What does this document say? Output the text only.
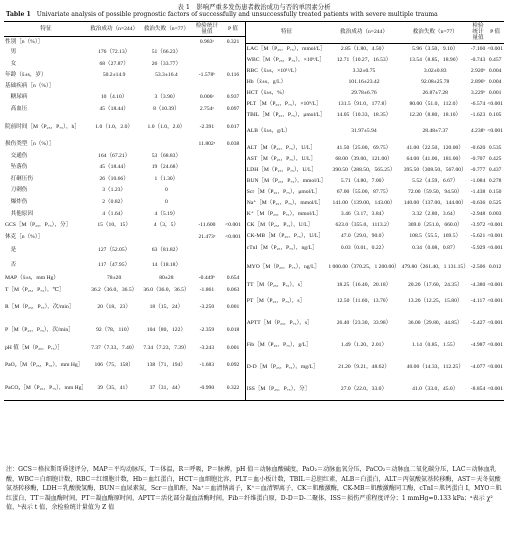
表 1　影响严重多发伤患者救治成功与否的单因素分析
Table 1 Univariate analysis of possible prognostic factors of successfully and unsuccessfully treated patients with severe multiple trauma
特征	救治成功（n=244）	救治失败（n=77）	检验统计量值	P 值
性别［n（%）］			0.983ᵃ	0.321
　男	176（72.13）	51（66.23）		
　女	68（27.87）	26（33.77）		
年龄（x̄±s，岁）	50.2±14.9	53.3±16.4	-1.578ᵇ	0.116
基础疾病［n（%）］				
　糖尿病	10（4.10）	3（3.90）	0.006ᵃ	0.937
　高血压	45（18.44）	8（10.39）	2.754ᵃ	0.097
院前时间［M（P₂₅，P₇₅），h］	1.0（1.0，2.0）	1.0（1.0，2.0）	-2.391	0.017
损伤类型［n（%）］			11.802ᵃ	0.038
　交通伤	164（67.21）	53（68.83）		
　坠落伤	45（18.44）	19（24.68）		
　打砸压伤	26（10.66）	1（1.30）		
　刀刺伤	3（1.23）	0		
　爆炸伤	2（0.82）	0		
　其他原因	4（1.64）	4（5.19）		
GCS［M（P₂₅，P₇₅），分］	15（10，15）	4（3，5）	-11.600	<0.001
休克［n（%）］			21.473ᵃ	<0.001
　是	127（52.05）	63（81.82）		
　否	117（47.95）	14（18.18）		
MAP（x̄±s，mm Hg）	78±20	80±28	-0.449ᵇ	0.654
T［M（P₂₅，P₇₅），℃］	36.2（36.0，36.5）	36.0（36.0，36.5）	-1.861	0.063
R［M（P₂₅，P₇₅），次/min］	20（18，23）	18（15，24）	-3.250	0.001
P［M（P₂₅，P₇₅），次/min］	92（78，110）	104（80，122）	-2.359	0.018
pH 值［M（P₂₅，P₇₅）］	7.37（7.33，7.40）	7.34（7.23，7.39）	-3.243	0.001
PaO₂［M（P₂₅，P₇₅），mm Hg］	106（75，158）	138（71，194）	-1.683	0.092
PaCO₂［M（P₂₅，P₇₅），mm Hg］	39（35，41）	37（31，44）	-0.990	0.322
特征	救治成功（n=244）	救治失败（n=77）	检验统计量值	P 值
LAC［M（P₂₅，P₇₅），mmol/L］	2.85（1.80，4.50）	5.96（3.50，9.10）	-7.160	<0.001
WBC［M（P₂₅，P₇₅），×10⁹/L］	12.71（10.27，16.53）	13.54（8.85，18.90）	-0.743	0.457
RBC（x̄±s，×10¹²/L）	3.32±0.75	3.02±0.83	2.920ᵇ	0.004
Hb（x̄±s，g/L）	101.16±23.42	92.08±25.78	2.896ᵇ	0.004
HCT（x̄±s，%）	29.78±6.76	26.87±7.28	3.229ᵇ	0.001
PLT［M（P₂₅，P₇₅），×10⁹/L］	131.5（91.0，177.8）	80.00（51.0，112.0）	-6.574	<0.001
TBIL［M（P₂₅，P₇₅），μmol/L］	14.05（10.33，18.35）	12.20（8.80，18.10）	-1.623	0.105
ALB（x̄±s，g/L）	31.97±5.94	28.48±7.37	4.238ᵇ	<0.001
ALT［M（P₂₅，P₇₅），U/L］	41.50（25.00，69.75）	41.00（22.50，120.00）	-0.620	0.535
AST［M（P₂₅，P₇₅），U/L］	68.00（39.00，121.00）	64.00（41.00，181.00）	-0.707	0.425
LDH［M（P₂₅，P₇₅），U/L］	390.50（288.50，565.25）	395.50（308.50，567.00）	-0.777	0.437
BUN［M（P₂₅，P₇₅），mmol/L］	5.71（4.80，7.00）	5.52（4.59，6.67）	-1.084	0.278
Scr［M（P₂₅，P₇₅），μmol/L］	67.00（55.00，87.75）	72.00（59.50，94.50）	-1.438	0.150
Na⁺［M（P₂₅，P₇₅），mmol/L］	141.00（139.00，143.00）	140.00（137.00，144.00）	-0.636	0.525
K⁺［M（P₂₅，P₇₅），mmol/L］	3.46（3.17，3.84）	3.32（2.80，3.64）	-2.948	0.003
CK［M（P₂₅，P₇₅），U/L］	623.0（355.0，1113.2）	369.0（251.0，660.0）	-3.972	<0.001
CK-MB［M（P₂₅，P₇₅），U/L］	47.0（29.0，90.0）	108.5（55.5，169.5）	-5.621	<0.001
cTnI［M（P₂₅，P₇₅），ng/L］	0.03（0.01，0.22）	0.34（0.08，0.87）	-5.929	<0.001
MYO［M（P₂₅，P₇₅），ng/L］	1 000.00（370.25，1 200.00）	479.80（261.40，1 131.15）	-2.506	0.012
TT［M（P₂₅，P₇₅），s］	18.25（16.40，20.18）	20.20（17.60，24.35）	-4.380	<0.001
PT［M（P₂₅，P₇₅），s］	12.50（11.60，13.70）	13.20（12.25，15.80）	-4.117	<0.001
APTT［M（P₂₅，P₇₅），s］	26.40（23.30，33.98）	36.00（29.80，44.85）	-5.427	<0.001
Fib［M（P₂₅，P₇₅），g/L］	1.49（1.20，2.01）	1.14（0.85，1.55）	-4.987	<0.001
D-D［M（P₂₅，P₇₅），mg/L］	21.20（9.21，48.62）	40.00（14.33，112.25）	-4.077	<0.001
ISS［M（P₂₅，P₇₅），分］	27.0（22.0，33.0）	41.0（33.0，45.0）	-8.854	<0.001
注：GCS＝格拉斯哥昏迷评分，MAP＝平均动脉压，T＝体温，R＝呼吸，P＝脉搏，pH 值＝动脉血酸碱度，PaO₂＝动脉血氧分压，PaCO₂＝动脉血二氧化碳分压，LAC＝动脉血乳酸，WBC＝白细胞计数，RBC＝红细胞计数，Hb＝血红蛋白，HCT＝血细胞比容，PLT＝血小板计数，TBIL＝总胆红素，ALB＝白蛋白，ALT＝丙氨酸氨基转移酶，AST＝天冬氨酸氨基转移酶，LDH＝乳酸脱氢酶，BUN＝血尿素氮，Scr＝血肌酐，Na⁺＝血清钠离子，K⁺＝血清钾离子，CK＝肌酸激酶，CK-MB＝肌酸激酶同工酶，cTnI＝肌钙蛋白 I，MYO＝肌红蛋白，TT＝凝血酶时间，PT＝凝血酶原时间，APTT＝活化部分凝血活酶时间，Fib＝纤维蛋白原，D-D＝D-二聚体，ISS＝损伤严重程度评分；1 mmHg=0.133 kPa；ᵃ表示 χ² 值，ᵇ表示 t 值，余检验统计量值为 Z 值
